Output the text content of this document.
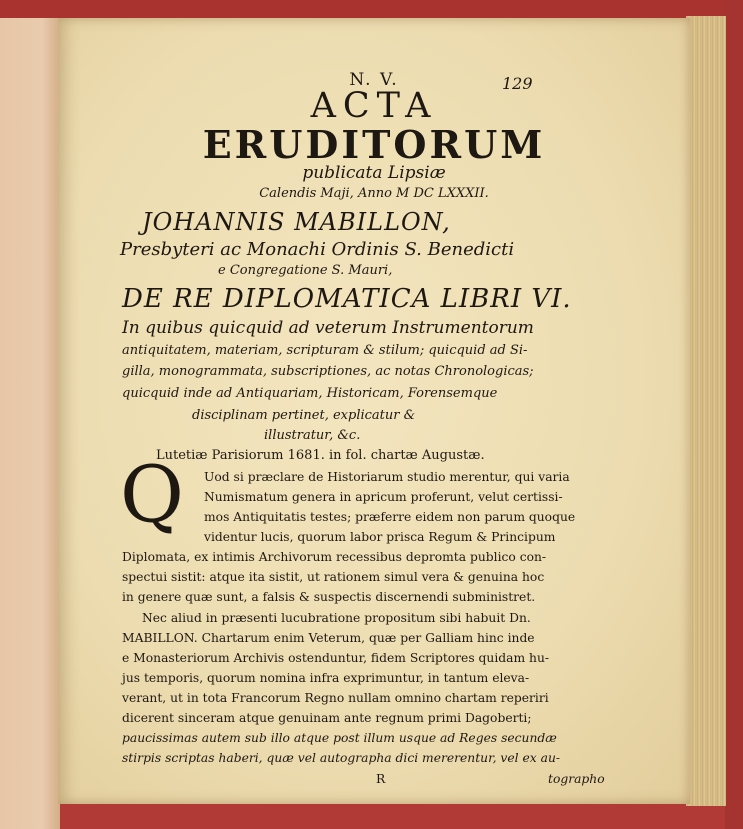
N. V.	129
ACTA
ERUDITORUM
publicata Lipsiæ
Calendis Maji, Anno M DC LXXXII.
JOHANNIS MABILLON,
Presbyteri ac Monachi Ordinis S. Benedicti
e Congregatione S. Mauri,
DE RE DIPLOMATICA LIBRI VI.
In quibus quicquid ad veterum Instrumentorum
antiquitatem, materiam, scripturam & stilum; quicquid ad Si-
gilla, monogrammata, subscriptiones, ac notas Chronologicas;
quicquid inde ad Antiquariam, Historicam, Forensemque
disciplinam pertinet, explicatur &
illustratur, &c.
Lutetiæ Parisiorum 1681. in fol. chartæ Augustæ.
Q Uod si præclare de Historiarum studio merentur, qui varia
Numismatum genera in apricum proferunt, velut certissi-
mos Antiquitatis testes; præferre eidem non parum quoque
videntur lucis, quorum labor prisca Regum & Principum
Diplomata, ex intimis Archivorum recessibus depromta publico con-
spectui sistit: atque ita sistit, ut rationem simul vera & genuina hoc
in genere quæ sunt, a falsis & suspectis discernendi subministret.
Nec aliud in præsenti lucubratione propositum sibi habuit Dn.
MABILLON. Chartarum enim Veterum, quæ per Galliam hinc inde
e Monasteriorum Archivis ostenduntur, fidem Scriptores quidam hu-
jus temporis, quorum nomina infra exprimuntur, in tantum eleva-
verant, ut in tota Francorum Regno nullam omnino chartam reperiri
dicerent sinceram atque genuinam ante regnum primi Dagoberti;
paucissimas autem sub illo atque post illum usque ad Reges secundæ
stirpis scriptas haberi, quæ vel autographa dici mererentur, vel ex au-
R	tographo
